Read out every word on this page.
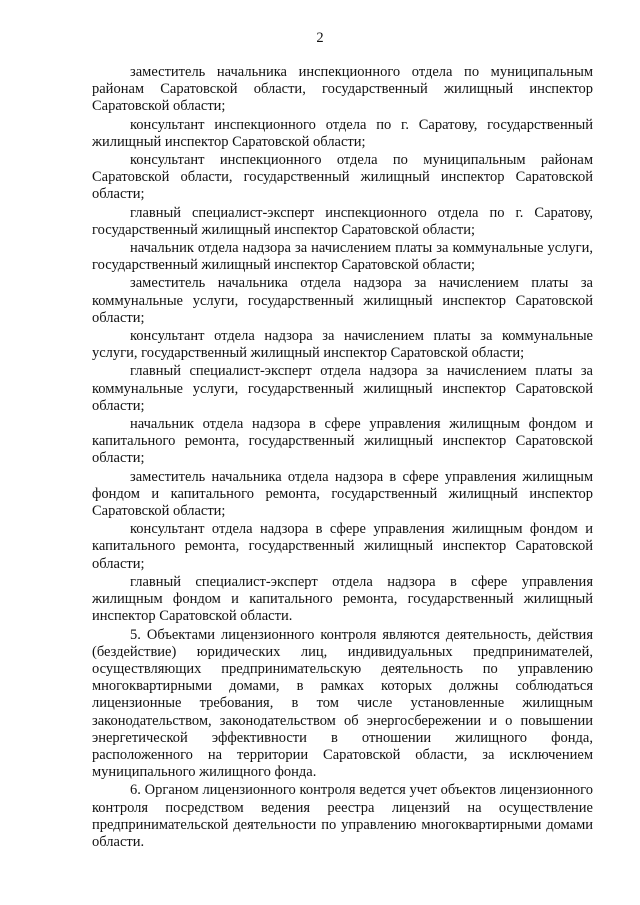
2

заместитель начальника инспекционного отдела по муниципальным районам Саратовской области, государственный жилищный инспектор Саратовской области;

консультант инспекционного отдела по г. Саратову, государственный жилищный инспектор Саратовской области;

консультант инспекционного отдела по муниципальным районам Саратовской области, государственный жилищный инспектор Саратовской области;

главный специалист-эксперт инспекционного отдела по г. Саратову, государственный жилищный инспектор Саратовской области;

начальник отдела надзора за начислением платы за коммунальные услуги, государственный жилищный инспектор Саратовской области;

заместитель начальника отдела надзора за начислением платы за коммунальные услуги, государственный жилищный инспектор Саратовской области;

консультант отдела надзора за начислением платы за коммунальные услуги, государственный жилищный инспектор Саратовской области;

главный специалист-эксперт отдела надзора за начислением платы за коммунальные услуги, государственный жилищный инспектор Саратовской области;

начальник отдела надзора в сфере управления жилищным фондом и капитального ремонта, государственный жилищный инспектор Саратовской области;

заместитель начальника отдела надзора в сфере управления жилищным фондом и капитального ремонта, государственный жилищный инспектор Саратовской области;

консультант отдела надзора в сфере управления жилищным фондом и капитального ремонта, государственный жилищный инспектор Саратовской области;

главный специалист-эксперт отдела надзора в сфере управления жилищным фондом и капитального ремонта, государственный жилищный инспектор Саратовской области.

5. Объектами лицензионного контроля являются деятельность, действия (бездействие) юридических лиц, индивидуальных предпринимателей, осуществляющих предпринимательскую деятельность по управлению многоквартирными домами, в рамках которых должны соблюдаться лицензионные требования, в том числе установленные жилищным законодательством, законодательством об энергосбережении и о повышении энергетической эффективности в отношении жилищного фонда, расположенного на территории Саратовской области, за исключением муниципального жилищного фонда.

6. Органом лицензионного контроля ведется учет объектов лицензионного контроля посредством ведения реестра лицензий на осуществление предпринимательской деятельности по управлению многоквартирными домами области.
